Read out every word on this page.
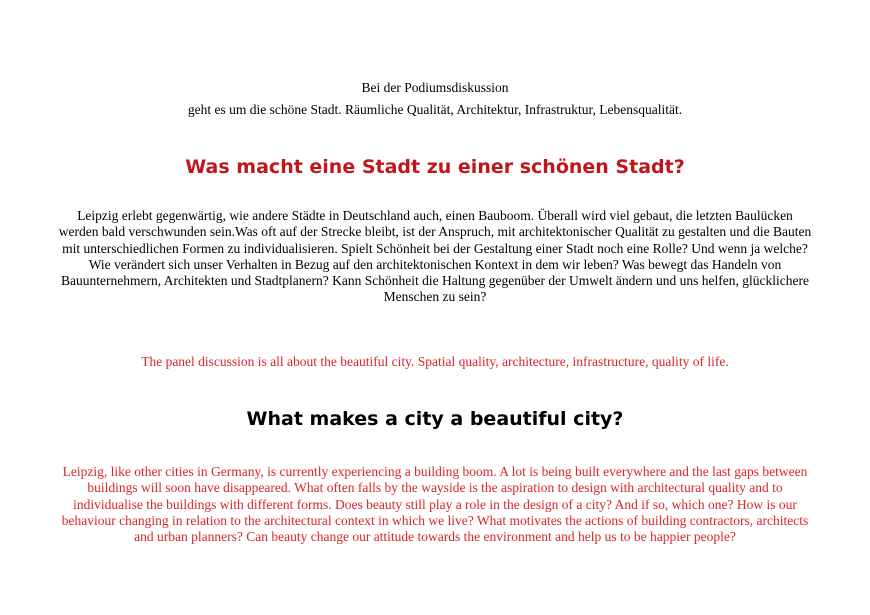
Bei der Podiumsdiskussion

geht es um die schöne Stadt. Räumliche Qualität, Architektur, Infrastruktur, Lebensqualität.

Was macht eine Stadt zu einer schönen Stadt?

Leipzig erlebt gegenwärtig, wie andere Städte in Deutschland auch, einen Bauboom. Überall wird viel gebaut, die letzten Baulücken werden bald verschwunden sein.Was oft auf der Strecke bleibt, ist der Anspruch, mit architektonischer Qualität zu gestalten und die Bauten mit unterschiedlichen Formen zu individualisieren. Spielt Schönheit bei der Gestaltung einer Stadt noch eine Rolle? Und wenn ja welche? Wie verändert sich unser Verhalten in Bezug auf den architektonischen Kontext in dem wir leben? Was bewegt das Handeln von Bauunternehmern, Architekten und Stadtplanern? Kann Schönheit die Haltung gegenüber der Umwelt ändern und uns helfen, glücklichere Menschen zu sein?

The panel discussion is all about the beautiful city. Spatial quality, architecture, infrastructure, quality of life.

What makes a city a beautiful city?

Leipzig, like other cities in Germany, is currently experiencing a building boom. A lot is being built everywhere and the last gaps between buildings will soon have disappeared. What often falls by the wayside is the aspiration to design with architectural quality and to individualise the buildings with different forms. Does beauty still play a role in the design of a city? And if so, which one? How is our behaviour changing in relation to the architectural context in which we live? What motivates the actions of building contractors, architects and urban planners? Can beauty change our attitude towards the environment and help us to be happier people?
